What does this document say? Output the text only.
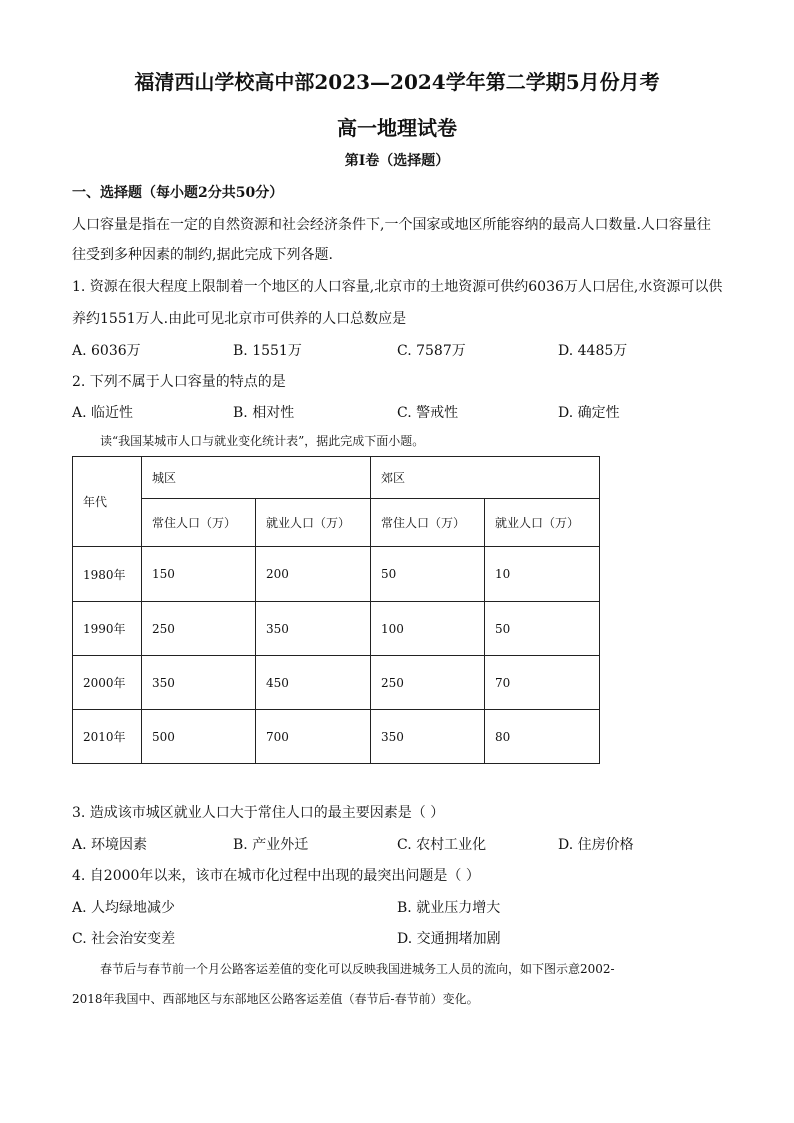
福清西山学校高中部2023—2024学年第二学期5月份月考
高一地理试卷
第I卷（选择题）
一、选择题（每小题2分共50分）
人口容量是指在一定的自然资源和社会经济条件下,一个国家或地区所能容纳的最高人口数量.人口容量往
往受到多种因素的制约,据此完成下列各题.
1. 资源在很大程度上限制着一个地区的人口容量,北京市的土地资源可供约6036万人口居住,水资源可以供
养约1551万人.由此可见北京市可供养的人口总数应是
A. 6036万	B. 1551万	C. 7587万	D. 4485万
2. 下列不属于人口容量的特点的是
A. 临近性	B. 相对性	C. 警戒性	D. 确定性
读“我国某城市人口与就业变化统计表”，据此完成下面小题。
年代	城区		郊区	
	常住人口（万）	就业人口（万）	常住人口（万）	就业人口（万）
1980年	150	200	50	10
1990年	250	350	100	50
2000年	350	450	250	70
2010年	500	700	350	80
3. 造成该市城区就业人口大于常住人口的最主要因素是（ ）
A. 环境因素	B. 产业外迁	C. 农村工业化	D. 住房价格
4. 自2000年以来，该市在城市化过程中出现的最突出问题是（ ）
A. 人均绿地减少	B. 就业压力增大
C. 社会治安变差	D. 交通拥堵加剧
春节后与春节前一个月公路客运差值的变化可以反映我国进城务工人员的流向，如下图示意2002-
2018年我国中、西部地区与东部地区公路客运差值（春节后-春节前）变化。
